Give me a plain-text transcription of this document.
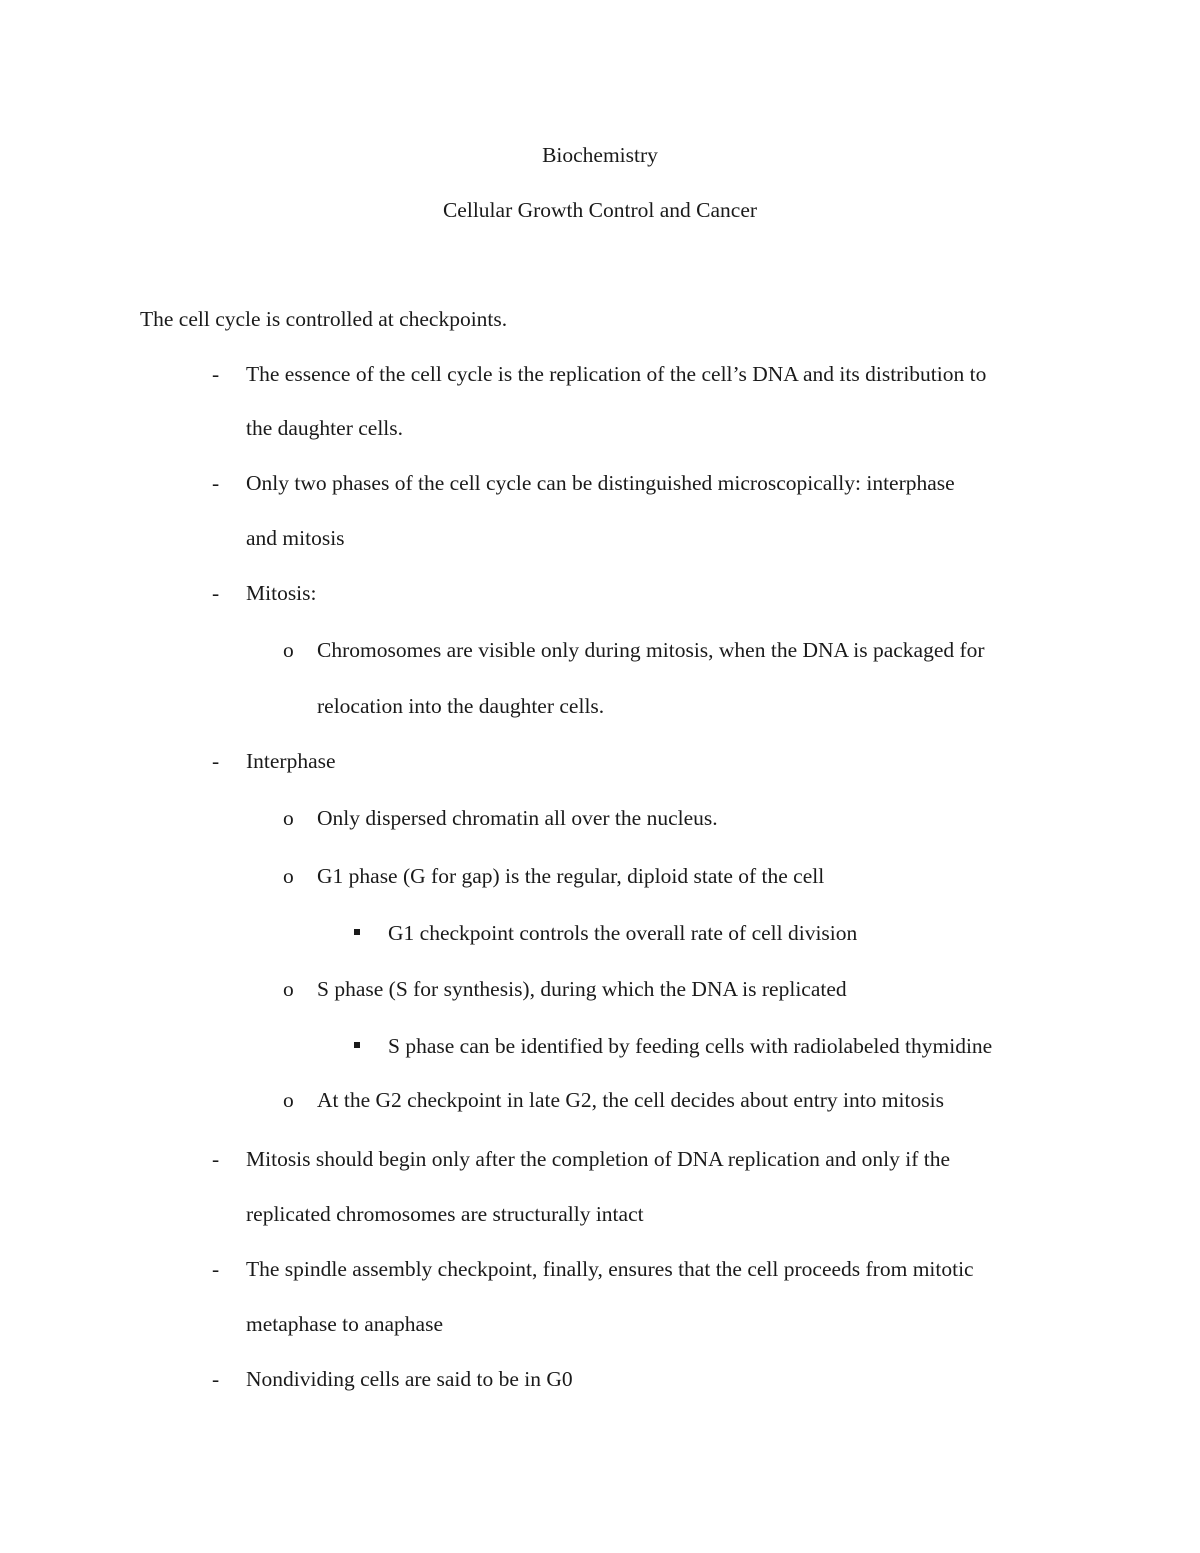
Biochemistry
Cellular Growth Control and Cancer
The cell cycle is controlled at checkpoints.
- The essence of the cell cycle is the replication of the cell’s DNA and its distribution to
the daughter cells.
- Only two phases of the cell cycle can be distinguished microscopically: interphase
and mitosis
- Mitosis:
o Chromosomes are visible only during mitosis, when the DNA is packaged for
relocation into the daughter cells.
- Interphase
o Only dispersed chromatin all over the nucleus.
o G1 phase (G for gap) is the regular, diploid state of the cell
G1 checkpoint controls the overall rate of cell division
o S phase (S for synthesis), during which the DNA is replicated
S phase can be identified by feeding cells with radiolabeled thymidine
o At the G2 checkpoint in late G2, the cell decides about entry into mitosis
- Mitosis should begin only after the completion of DNA replication and only if the
replicated chromosomes are structurally intact
- The spindle assembly checkpoint, finally, ensures that the cell proceeds from mitotic
metaphase to anaphase
- Nondividing cells are said to be in G0
